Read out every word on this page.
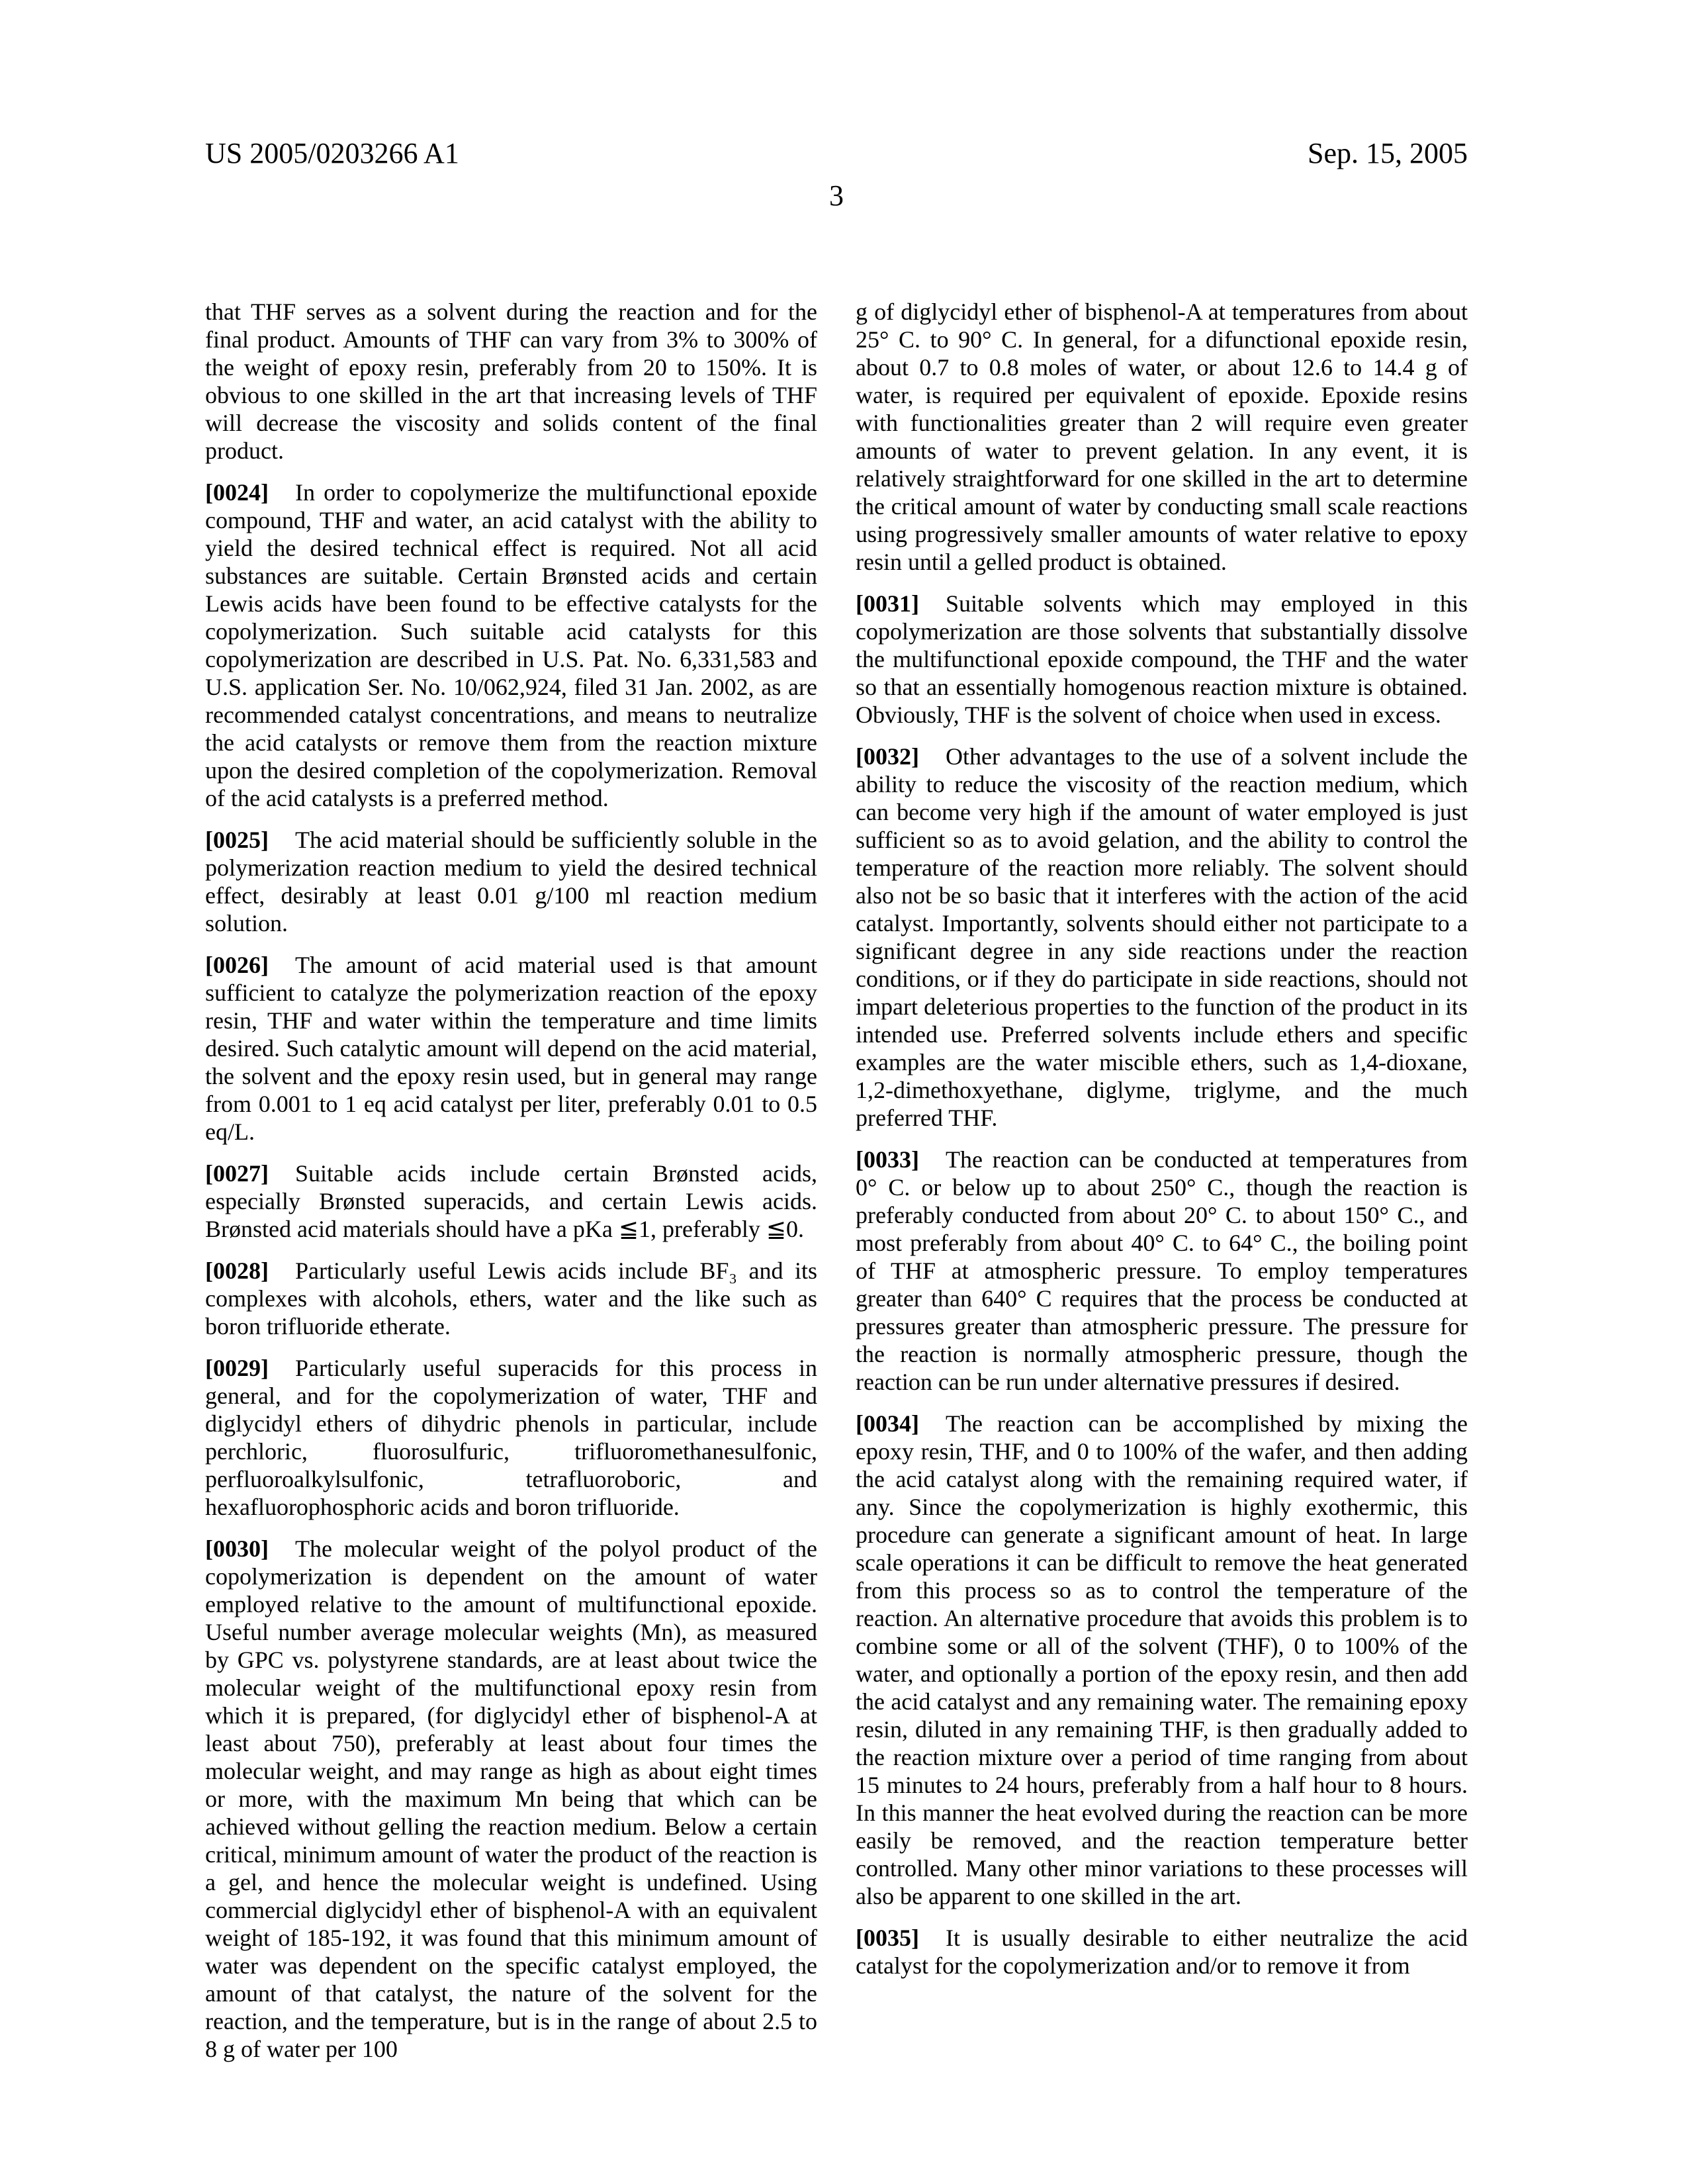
US 2005/0203266 A1	Sep. 15, 2005
3

that THF serves as a solvent during the reaction and for the final product. Amounts of THF can vary from 3% to 300% of the weight of epoxy resin, preferably from 20 to 150%. It is obvious to one skilled in the art that increasing levels of THF will decrease the viscosity and solids content of the final product.

[0024] In order to copolymerize the multifunctional epoxide compound, THF and water, an acid catalyst with the ability to yield the desired technical effect is required. Not all acid substances are suitable. Certain Brønsted acids and certain Lewis acids have been found to be effective catalysts for the copolymerization. Such suitable acid catalysts for this copolymerization are described in U.S. Pat. No. 6,331,583 and U.S. application Ser. No. 10/062,924, filed 31 Jan. 2002, as are recommended catalyst concentrations, and means to neutralize the acid catalysts or remove them from the reaction mixture upon the desired completion of the copolymerization. Removal of the acid catalysts is a preferred method.

[0025] The acid material should be sufficiently soluble in the polymerization reaction medium to yield the desired technical effect, desirably at least 0.01 g/100 ml reaction medium solution.

[0026] The amount of acid material used is that amount sufficient to catalyze the polymerization reaction of the epoxy resin, THF and water within the temperature and time limits desired. Such catalytic amount will depend on the acid material, the solvent and the epoxy resin used, but in general may range from 0.001 to 1 eq acid catalyst per liter, preferably 0.01 to 0.5 eq/L.

[0027] Suitable acids include certain Brønsted acids, especially Brønsted superacids, and certain Lewis acids. Brønsted acid materials should have a pKa ≦1, preferably ≦0.

[0028] Particularly useful Lewis acids include BF₃ and its complexes with alcohols, ethers, water and the like such as boron trifluoride etherate.

[0029] Particularly useful superacids for this process in general, and for the copolymerization of water, THF and diglycidyl ethers of dihydric phenols in particular, include perchloric, fluorosulfuric, trifluoromethanesulfonic, perfluoroalkylsulfonic, tetrafluoroboric, and hexafluorophosphoric acids and boron trifluoride.

[0030] The molecular weight of the polyol product of the copolymerization is dependent on the amount of water employed relative to the amount of multifunctional epoxide. Useful number average molecular weights (Mn), as measured by GPC vs. polystyrene standards, are at least about twice the molecular weight of the multifunctional epoxy resin from which it is prepared, (for diglycidyl ether of bisphenol-A at least about 750), preferably at least about four times the molecular weight, and may range as high as about eight times or more, with the maximum Mn being that which can be achieved without gelling the reaction medium. Below a certain critical, minimum amount of water the product of the reaction is a gel, and hence the molecular weight is undefined. Using commercial diglycidyl ether of bisphenol-A with an equivalent weight of 185-192, it was found that this minimum amount of water was dependent on the specific catalyst employed, the amount of that catalyst, the nature of the solvent for the reaction, and the temperature, but is in the range of about 2.5 to 8 g of water per 100

g of diglycidyl ether of bisphenol-A at temperatures from about 25° C. to 90° C. In general, for a difunctional epoxide resin, about 0.7 to 0.8 moles of water, or about 12.6 to 14.4 g of water, is required per equivalent of epoxide. Epoxide resins with functionalities greater than 2 will require even greater amounts of water to prevent gelation. In any event, it is relatively straightforward for one skilled in the art to determine the critical amount of water by conducting small scale reactions using progressively smaller amounts of water relative to epoxy resin until a gelled product is obtained.

[0031] Suitable solvents which may employed in this copolymerization are those solvents that substantially dissolve the multifunctional epoxide compound, the THF and the water so that an essentially homogenous reaction mixture is obtained. Obviously, THF is the solvent of choice when used in excess.

[0032] Other advantages to the use of a solvent include the ability to reduce the viscosity of the reaction medium, which can become very high if the amount of water employed is just sufficient so as to avoid gelation, and the ability to control the temperature of the reaction more reliably. The solvent should also not be so basic that it interferes with the action of the acid catalyst. Importantly, solvents should either not participate to a significant degree in any side reactions under the reaction conditions, or if they do participate in side reactions, should not impart deleterious properties to the function of the product in its intended use. Preferred solvents include ethers and specific examples are the water miscible ethers, such as 1,4-dioxane, 1,2-dimethoxyethane, diglyme, triglyme, and the much preferred THF.

[0033] The reaction can be conducted at temperatures from 0° C. or below up to about 250° C., though the reaction is preferably conducted from about 20° C. to about 150° C., and most preferably from about 40° C. to 64° C., the boiling point of THF at atmospheric pressure. To employ temperatures greater than 640° C requires that the process be conducted at pressures greater than atmospheric pressure. The pressure for the reaction is normally atmospheric pressure, though the reaction can be run under alternative pressures if desired.

[0034] The reaction can be accomplished by mixing the epoxy resin, THF, and 0 to 100% of the wafer, and then adding the acid catalyst along with the remaining required water, if any. Since the copolymerization is highly exothermic, this procedure can generate a significant amount of heat. In large scale operations it can be difficult to remove the heat generated from this process so as to control the temperature of the reaction. An alternative procedure that avoids this problem is to combine some or all of the solvent (THF), 0 to 100% of the water, and optionally a portion of the epoxy resin, and then add the acid catalyst and any remaining water. The remaining epoxy resin, diluted in any remaining THF, is then gradually added to the reaction mixture over a period of time ranging from about 15 minutes to 24 hours, preferably from a half hour to 8 hours. In this manner the heat evolved during the reaction can be more easily be removed, and the reaction temperature better controlled. Many other minor variations to these processes will also be apparent to one skilled in the art.

[0035] It is usually desirable to either neutralize the acid catalyst for the copolymerization and/or to remove it from
